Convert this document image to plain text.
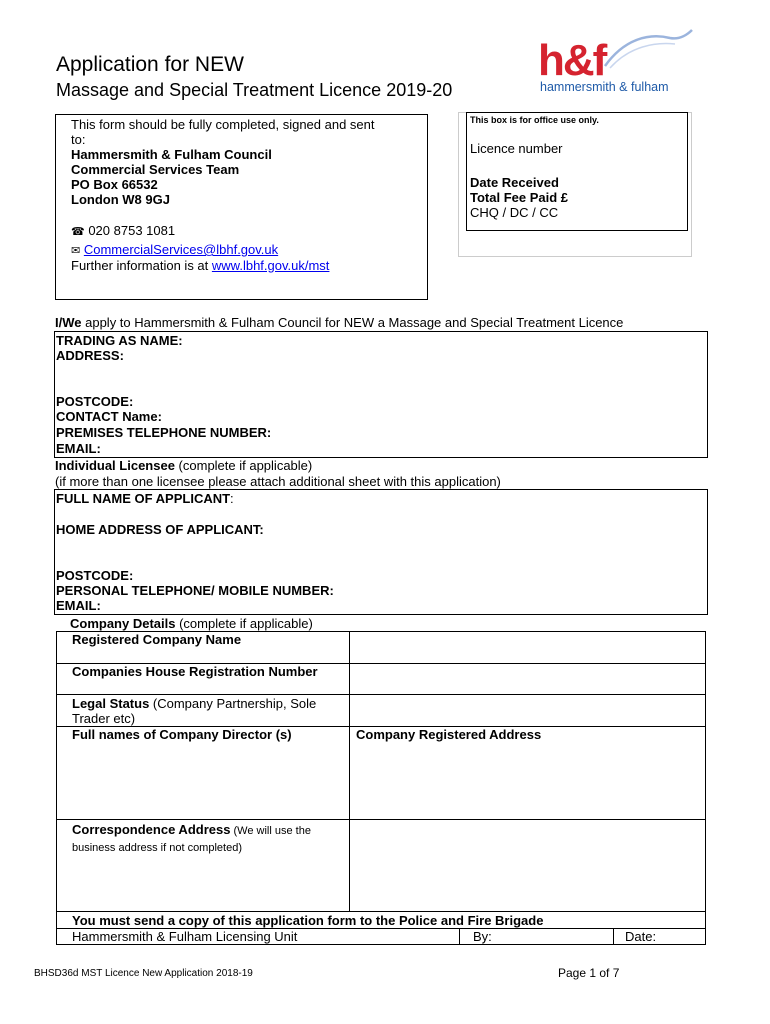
Application for NEW
Massage and Special Treatment Licence 2019-20
h&f
hammersmith & fulham
This form should be fully completed, signed and sent
to:
Hammersmith & Fulham Council
Commercial Services Team
PO Box 66532
London W8 9GJ
☎ 020 8753 1081
✉ CommercialServices@lbhf.gov.uk
Further information is at www.lbhf.gov.uk/mst
This box is for office use only.
Licence number
Date Received
Total Fee Paid £
CHQ / DC / CC
I/We apply to Hammersmith & Fulham Council for NEW a Massage and Special Treatment Licence
TRADING AS NAME:
ADDRESS:
POSTCODE:
CONTACT Name:
PREMISES TELEPHONE NUMBER:
EMAIL:
Individual Licensee (complete if applicable)
(if more than one licensee please attach additional sheet with this application)
FULL NAME OF APPLICANT:
HOME ADDRESS OF APPLICANT:
POSTCODE:
PERSONAL TELEPHONE/ MOBILE NUMBER:
EMAIL:
Company Details (complete if applicable)
Registered Company Name	
Companies House Registration Number	
Legal Status (Company Partnership, Sole Trader etc)	
Full names of Company Director (s)	Company Registered Address
Correspondence Address (We will use the business address if not completed)	
You must send a copy of this application form to the Police and Fire Brigade
Hammersmith & Fulham Licensing Unit	By:	Date:
BHSD36d MST Licence New Application 2018-19	Page 1 of 7
